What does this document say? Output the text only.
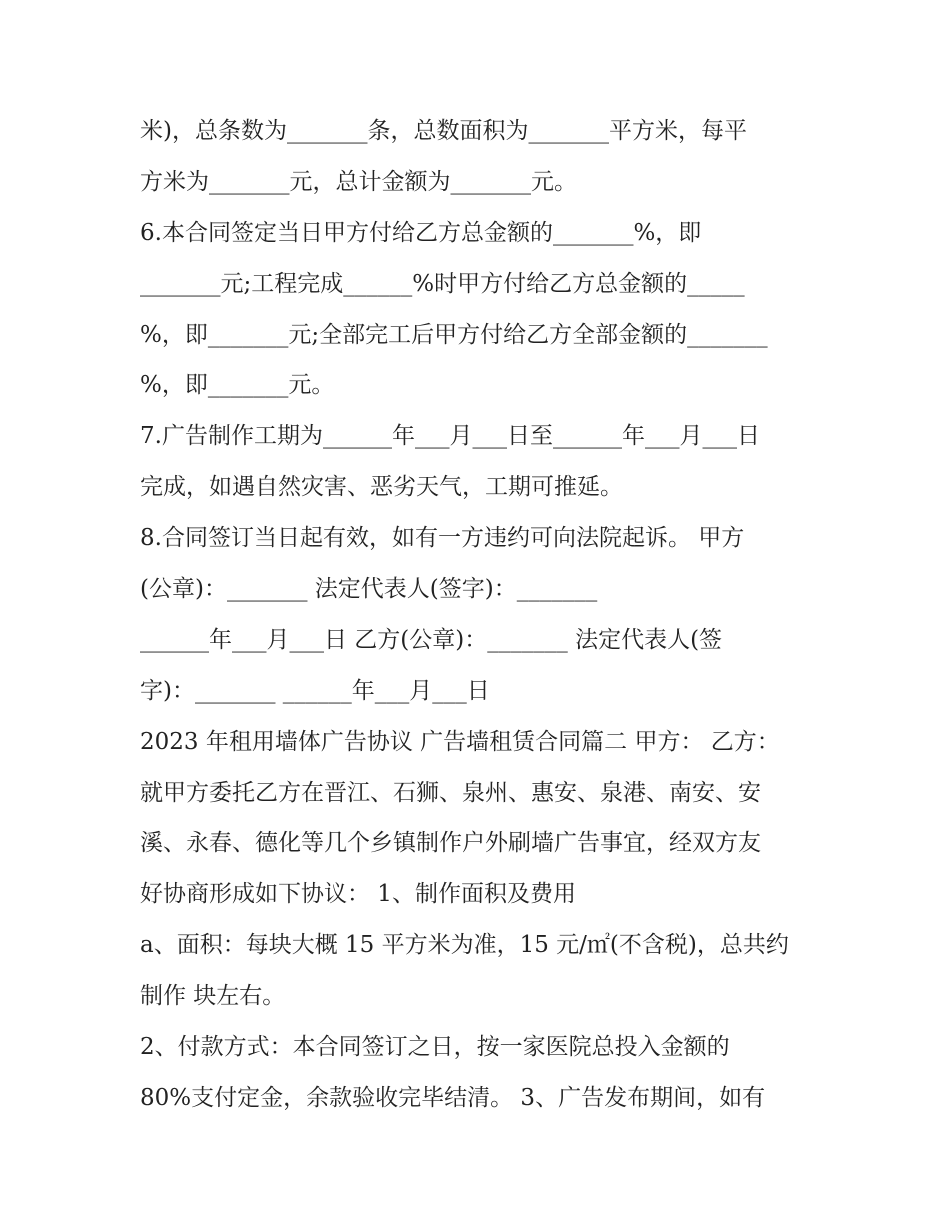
米)，总条数为_______条，总数面积为_______平方米，每平
方米为_______元，总计金额为_______元。
6.本合同签定当日甲方付给乙方总金额的_______%，即
_______元;工程完成______%时甲方付给乙方总金额的_____
%，即_______元;全部完工后甲方付给乙方全部金额的_______
%，即_______元。
7.广告制作工期为______年___月___日至______年___月___日
完成，如遇自然灾害、恶劣天气，工期可推延。
8.合同签订当日起有效，如有一方违约可向法院起诉。 甲方
(公章)：_______ 法定代表人(签字)：_______
______年___月___日 乙方(公章)：_______ 法定代表人(签
字)：_______ ______年___月___日
2023 年租用墙体广告协议 广告墙租赁合同篇二 甲方： 乙方：
就甲方委托乙方在晋江、石狮、泉州、惠安、泉港、南安、安
溪、永春、德化等几个乡镇制作户外刷墙广告事宜，经双方友
好协商形成如下协议： 1、制作面积及费用
a、面积：每块大概 15 平方米为准，15 元/㎡(不含税)，总共约
制作 块左右。
2、付款方式：本合同签订之日，按一家医院总投入金额的
80%支付定金，余款验收完毕结清。 3、广告发布期间，如有
